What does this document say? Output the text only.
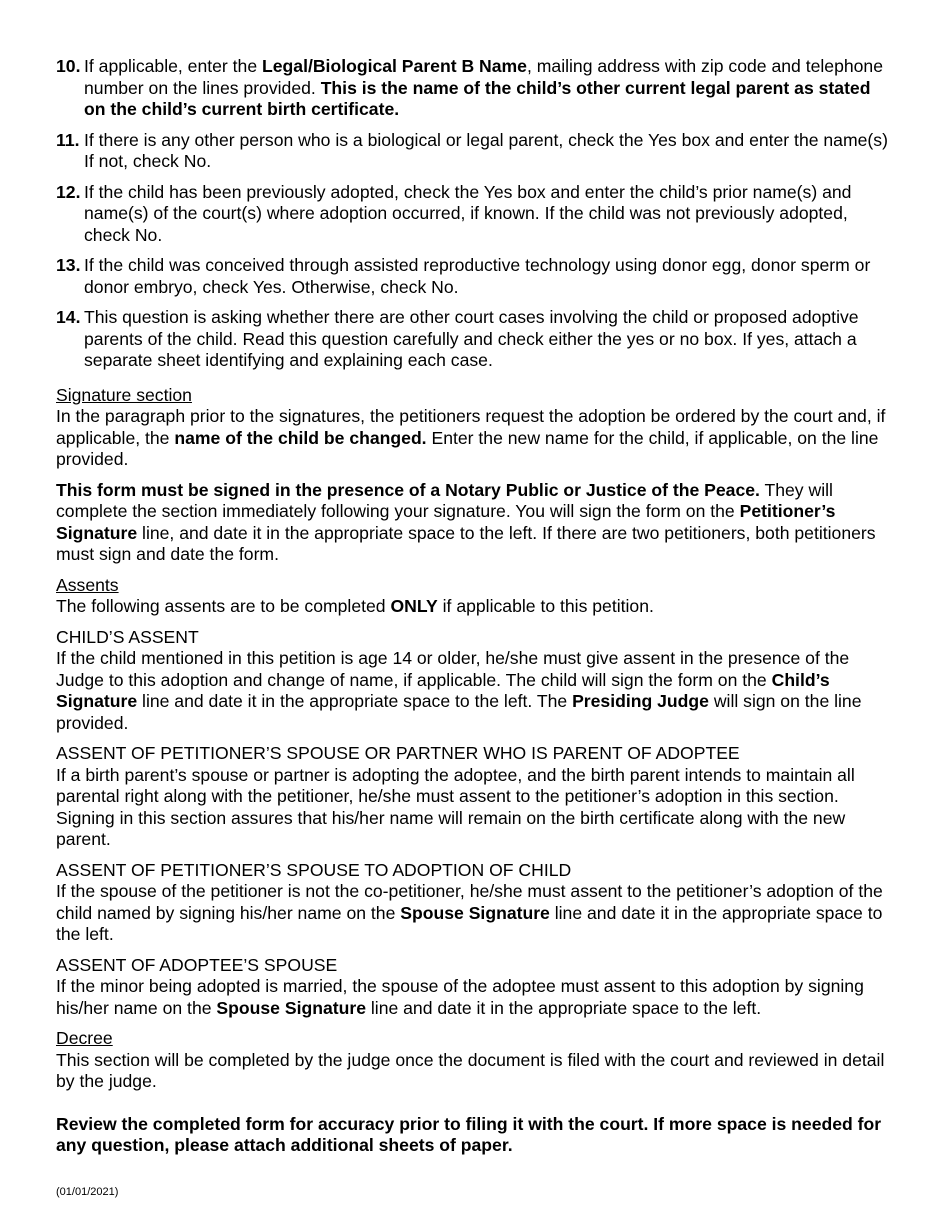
10. If applicable, enter the Legal/Biological Parent B Name, mailing address with zip code and telephone number on the lines provided. This is the name of the child’s other current legal parent as stated on the child’s current birth certificate.
11. If there is any other person who is a biological or legal parent, check the Yes box and enter the name(s) If not, check No.
12. If the child has been previously adopted, check the Yes box and enter the child’s prior name(s) and name(s) of the court(s) where adoption occurred, if known. If the child was not previously adopted, check No.
13. If the child was conceived through assisted reproductive technology using donor egg, donor sperm or donor embryo, check Yes. Otherwise, check No.
14. This question is asking whether there are other court cases involving the child or proposed adoptive parents of the child. Read this question carefully and check either the yes or no box. If yes, attach a separate sheet identifying and explaining each case.
Signature section

In the paragraph prior to the signatures, the petitioners request the adoption be ordered by the court and, if applicable, the name of the child be changed. Enter the new name for the child, if applicable, on the line provided.

This form must be signed in the presence of a Notary Public or Justice of the Peace. They will complete the section immediately following your signature. You will sign the form on the Petitioner’s Signature line, and date it in the appropriate space to the left. If there are two petitioners, both petitioners must sign and date the form.

Assents

The following assents are to be completed ONLY if applicable to this petition.

CHILD’S ASSENT

If the child mentioned in this petition is age 14 or older, he/she must give assent in the presence of the Judge to this adoption and change of name, if applicable. The child will sign the form on the Child’s Signature line and date it in the appropriate space to the left. The Presiding Judge will sign on the line provided.

ASSENT OF PETITIONER’S SPOUSE OR PARTNER WHO IS PARENT OF ADOPTEE

If a birth parent’s spouse or partner is adopting the adoptee, and the birth parent intends to maintain all parental right along with the petitioner, he/she must assent to the petitioner’s adoption in this section. Signing in this section assures that his/her name will remain on the birth certificate along with the new parent.

ASSENT OF PETITIONER’S SPOUSE TO ADOPTION OF CHILD

If the spouse of the petitioner is not the co-petitioner, he/she must assent to the petitioner’s adoption of the child named by signing his/her name on the Spouse Signature line and date it in the appropriate space to the left.

ASSENT OF ADOPTEE’S SPOUSE

If the minor being adopted is married, the spouse of the adoptee must assent to this adoption by signing his/her name on the Spouse Signature line and date it in the appropriate space to the left.

Decree

This section will be completed by the judge once the document is filed with the court and reviewed in detail by the judge.

Review the completed form for accuracy prior to filing it with the court. If more space is needed for any question, please attach additional sheets of paper.

(01/01/2021)
